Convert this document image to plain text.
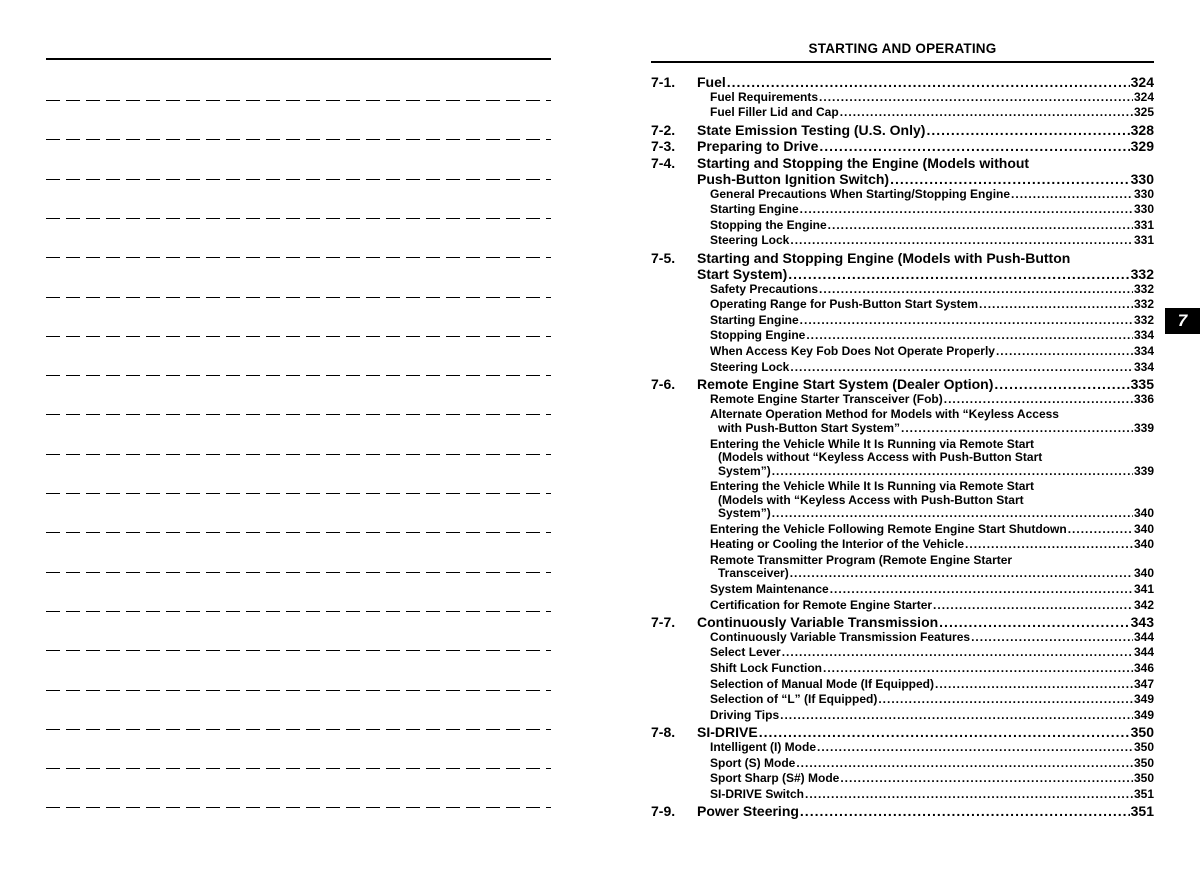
STARTING AND OPERATING
7-1. Fuel .....	324
Fuel Requirements .....	324
Fuel Filler Lid and Cap .....	325
7-2. State Emission Testing (U.S. Only) .....	328
7-3. Preparing to Drive .....	329
7-4. Starting and Stopping the Engine (Models without
Push-Button Ignition Switch) .....	330
General Precautions When Starting/Stopping Engine .....	330
Starting Engine .....	330
Stopping the Engine .....	331
Steering Lock .....	331
7-5. Starting and Stopping Engine (Models with Push-Button
Start System) .....	332
Safety Precautions .....	332
Operating Range for Push-Button Start System .....	332
Starting Engine .....	332
Stopping Engine .....	334
When Access Key Fob Does Not Operate Properly .....	334
Steering Lock .....	334
7-6. Remote Engine Start System (Dealer Option) .....	335
Remote Engine Starter Transceiver (Fob) .....	336
Alternate Operation Method for Models with “Keyless Access
with Push-Button Start System” .....	339
Entering the Vehicle While It Is Running via Remote Start
(Models without “Keyless Access with Push-Button Start
System”) .....	339
Entering the Vehicle While It Is Running via Remote Start
(Models with “Keyless Access with Push-Button Start
System”) .....	340
Entering the Vehicle Following Remote Engine Start Shutdown .....	340
Heating or Cooling the Interior of the Vehicle .....	340
Remote Transmitter Program (Remote Engine Starter
Transceiver) .....	340
System Maintenance .....	341
Certification for Remote Engine Starter .....	342
7-7. Continuously Variable Transmission .....	343
Continuously Variable Transmission Features .....	344
Select Lever .....	344
Shift Lock Function .....	346
Selection of Manual Mode (If Equipped) .....	347
Selection of “L” (If Equipped) .....	349
Driving Tips .....	349
7-8. SI-DRIVE .....	350
Intelligent (I) Mode .....	350
Sport (S) Mode .....	350
Sport Sharp (S#) Mode .....	350
SI-DRIVE Switch .....	351
7-9. Power Steering .....	351
7
